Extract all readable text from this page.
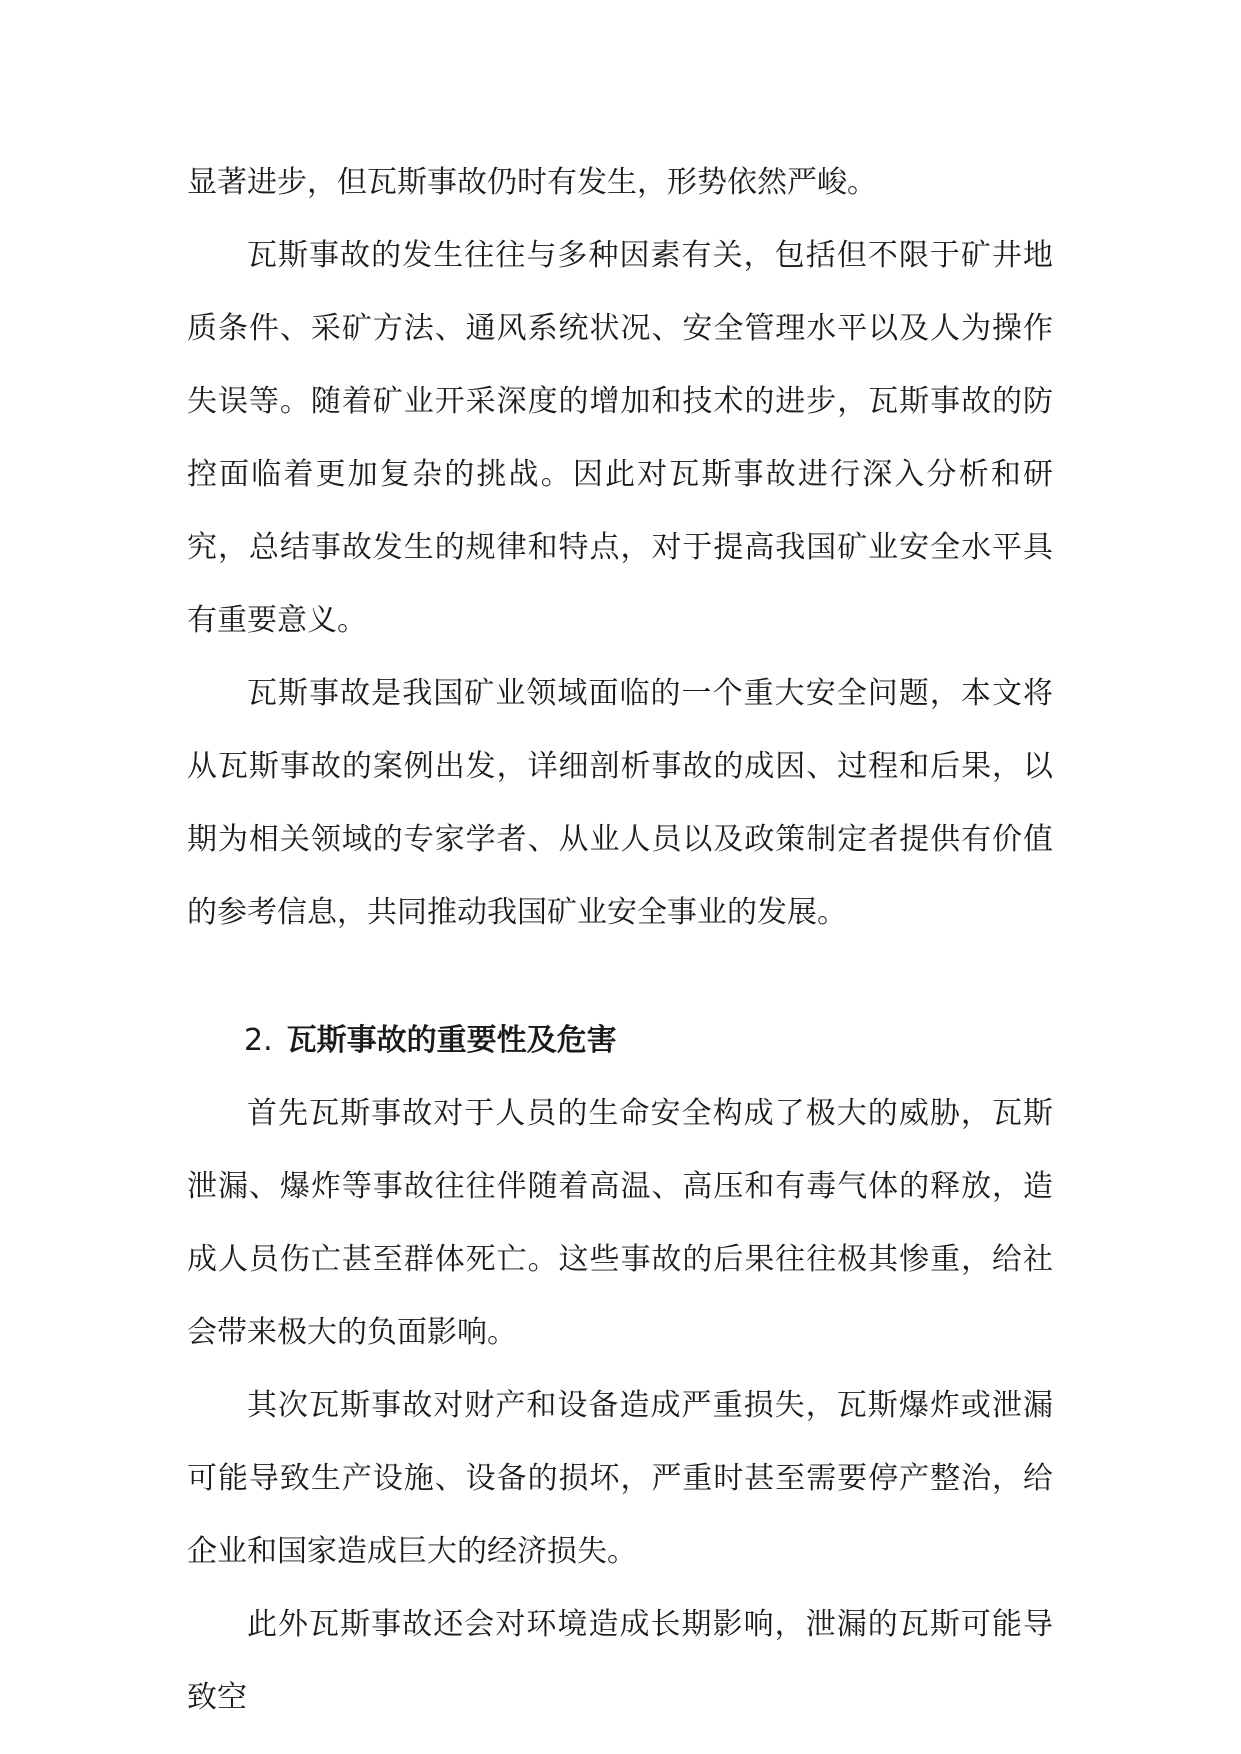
显著进步，但瓦斯事故仍时有发生，形势依然严峻。

瓦斯事故的发生往往与多种因素有关，包括但不限于矿井地质条件、采矿方法、通风系统状况、安全管理水平以及人为操作失误等。随着矿业开采深度的增加和技术的进步，瓦斯事故的防控面临着更加复杂的挑战。因此对瓦斯事故进行深入分析和研究，总结事故发生的规律和特点，对于提高我国矿业安全水平具有重要意义。

瓦斯事故是我国矿业领域面临的一个重大安全问题，本文将从瓦斯事故的案例出发，详细剖析事故的成因、过程和后果，以期为相关领域的专家学者、从业人员以及政策制定者提供有价值的参考信息，共同推动我国矿业安全事业的发展。

2. 瓦斯事故的重要性及危害

首先瓦斯事故对于人员的生命安全构成了极大的威胁，瓦斯泄漏、爆炸等事故往往伴随着高温、高压和有毒气体的释放，造成人员伤亡甚至群体死亡。这些事故的后果往往极其惨重，给社会带来极大的负面影响。

其次瓦斯事故对财产和设备造成严重损失，瓦斯爆炸或泄漏可能导致生产设施、设备的损坏，严重时甚至需要停产整治，给企业和国家造成巨大的经济损失。

此外瓦斯事故还会对环境造成长期影响，泄漏的瓦斯可能导致空
